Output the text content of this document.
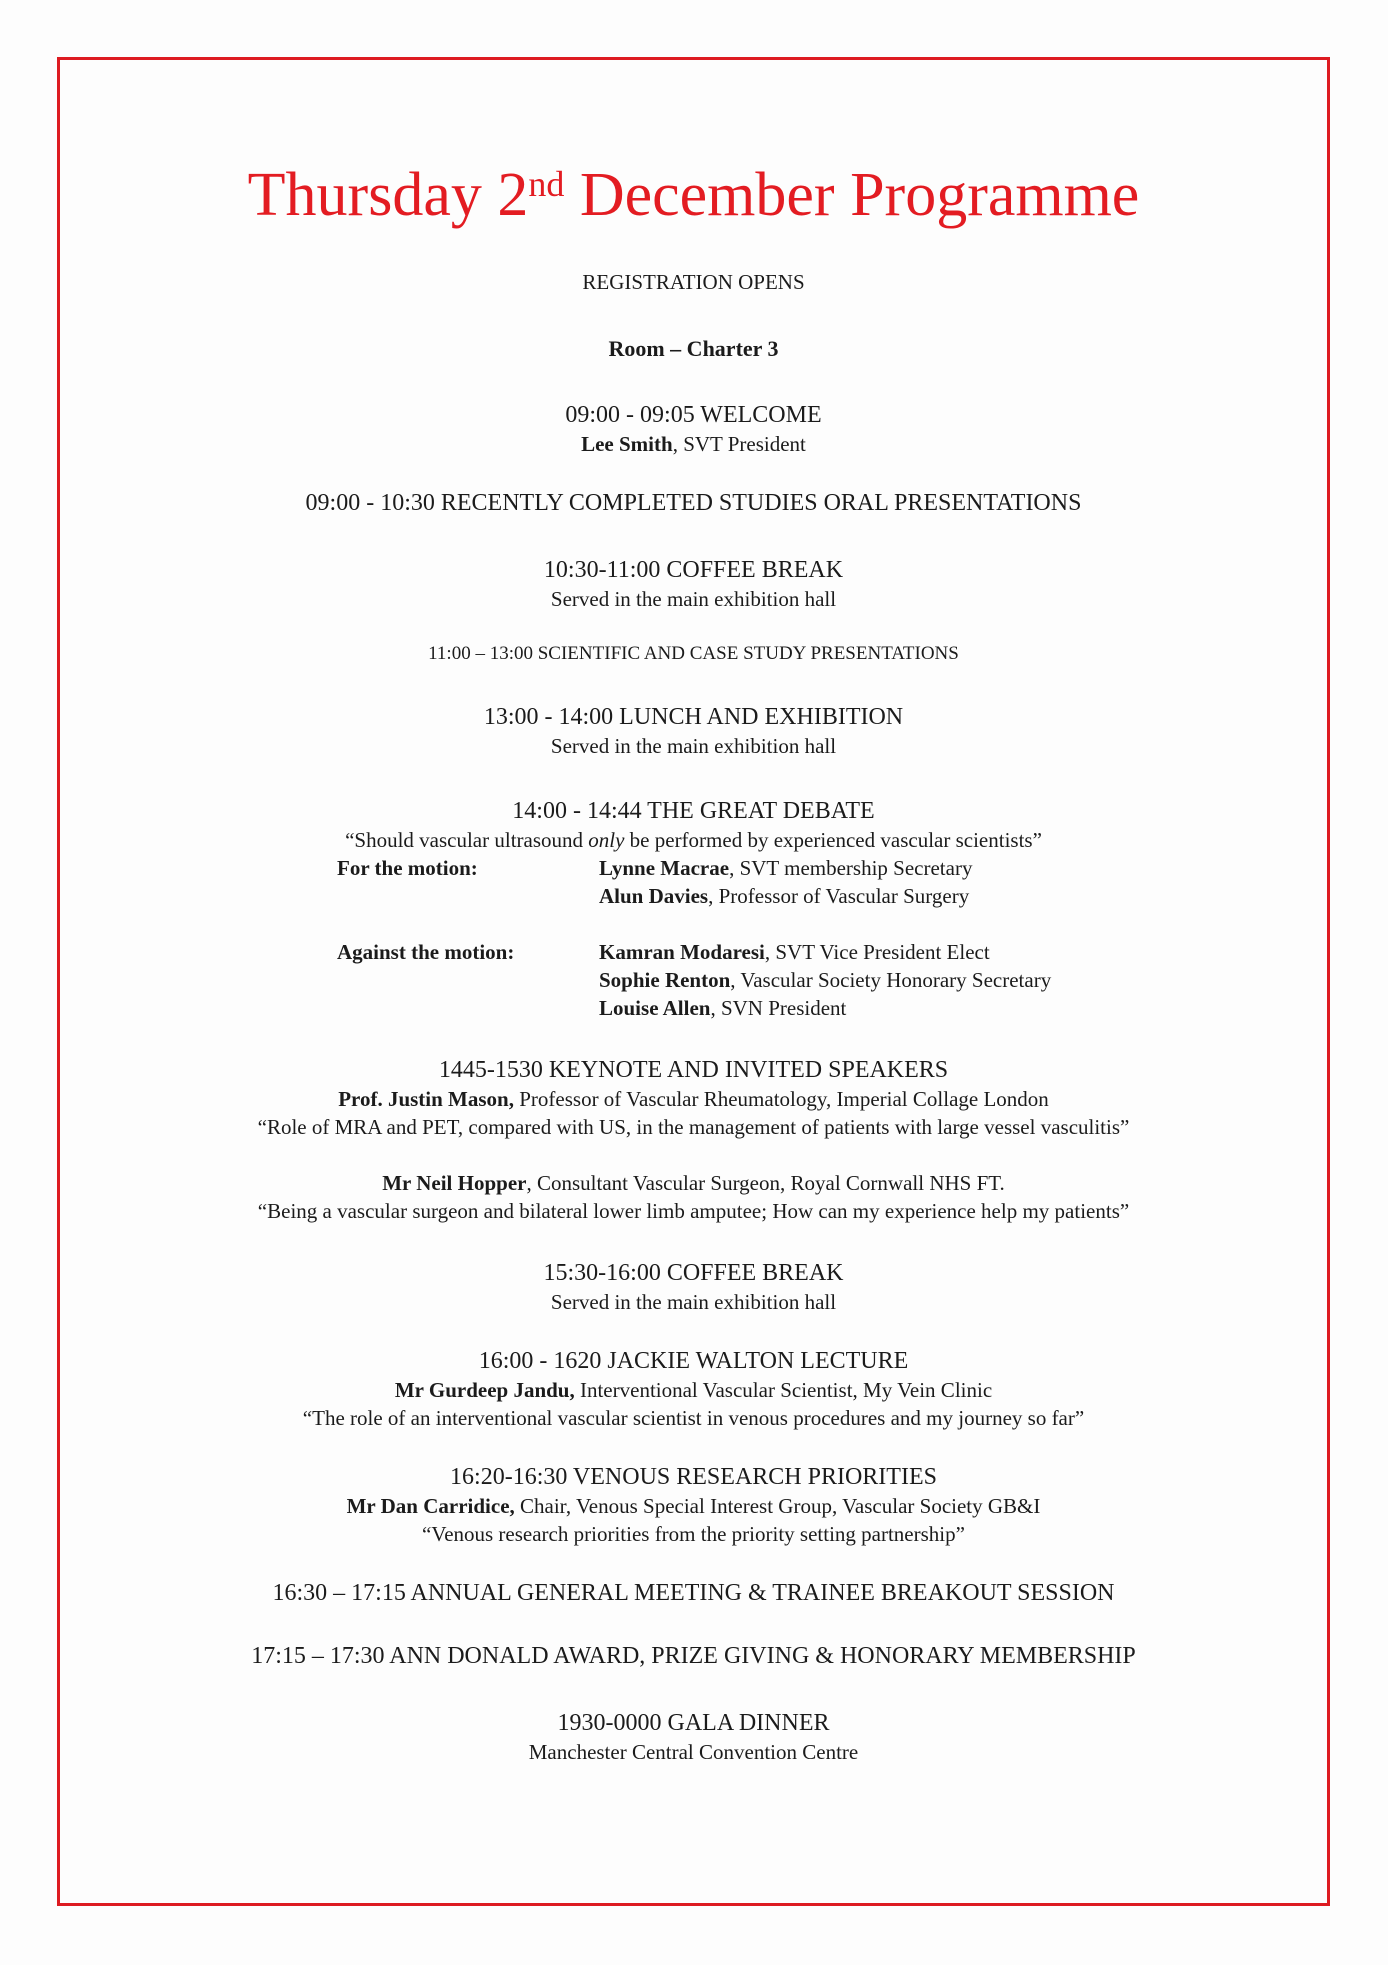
Thursday 2nd December Programme
REGISTRATION OPENS
Room – Charter 3
09:00 - 09:05 WELCOME
Lee Smith, SVT President
09:00 - 10:30 RECENTLY COMPLETED STUDIES ORAL PRESENTATIONS
10:30-11:00 COFFEE BREAK
Served in the main exhibition hall
11:00 – 13:00 SCIENTIFIC AND CASE STUDY PRESENTATIONS
13:00 - 14:00 LUNCH AND EXHIBITION
Served in the main exhibition hall
14:00 - 14:44 THE GREAT DEBATE
“Should vascular ultrasound only be performed by experienced vascular scientists”
For the motion:	Lynne Macrae, SVT membership Secretary
Alun Davies, Professor of Vascular Surgery
Against the motion:	Kamran Modaresi, SVT Vice President Elect
Sophie Renton, Vascular Society Honorary Secretary
Louise Allen, SVN President
1445-1530 KEYNOTE AND INVITED SPEAKERS
Prof. Justin Mason, Professor of Vascular Rheumatology, Imperial Collage London
“Role of MRA and PET, compared with US, in the management of patients with large vessel vasculitis”
Mr Neil Hopper, Consultant Vascular Surgeon, Royal Cornwall NHS FT.
“Being a vascular surgeon and bilateral lower limb amputee; How can my experience help my patients”
15:30-16:00 COFFEE BREAK
Served in the main exhibition hall
16:00 - 1620 JACKIE WALTON LECTURE
Mr Gurdeep Jandu, Interventional Vascular Scientist, My Vein Clinic
“The role of an interventional vascular scientist in venous procedures and my journey so far”
16:20-16:30 VENOUS RESEARCH PRIORITIES
Mr Dan Carridice, Chair, Venous Special Interest Group, Vascular Society GB&I
“Venous research priorities from the priority setting partnership”
16:30 – 17:15 ANNUAL GENERAL MEETING & TRAINEE BREAKOUT SESSION
17:15 – 17:30 ANN DONALD AWARD, PRIZE GIVING & HONORARY MEMBERSHIP
1930-0000 GALA DINNER
Manchester Central Convention Centre
